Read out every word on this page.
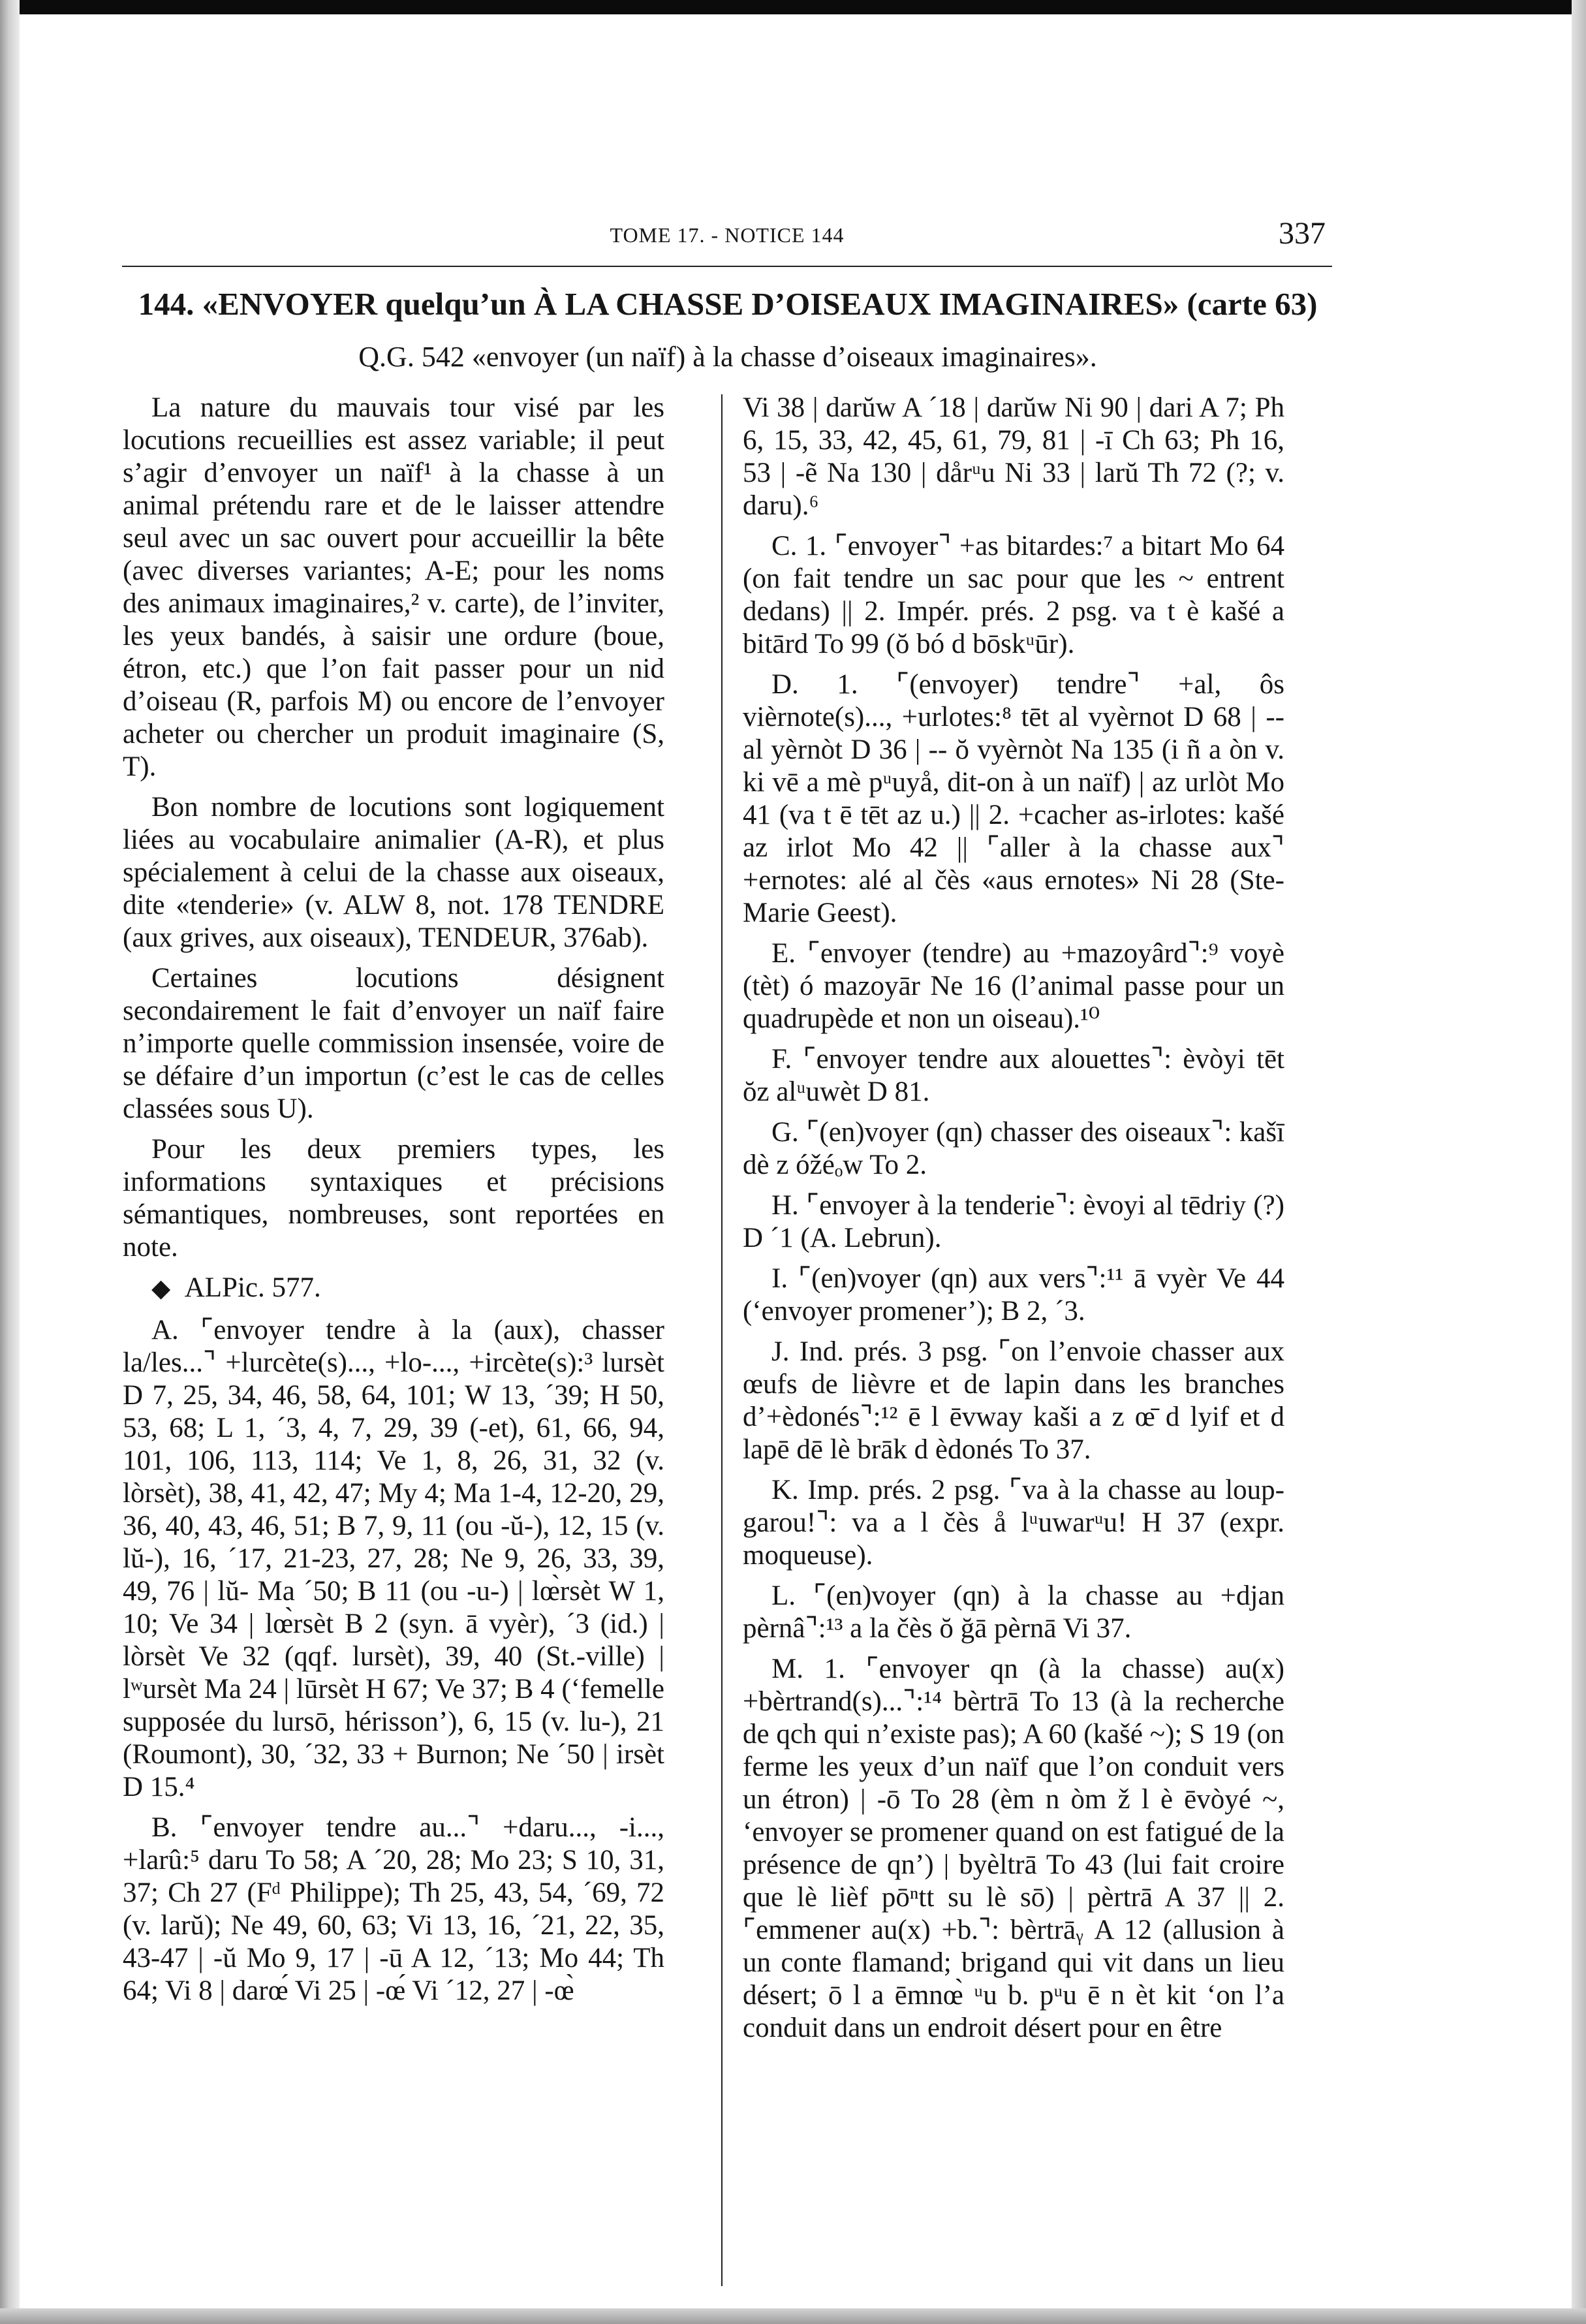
TOME 17. - NOTICE 144	337
144. «ENVOYER quelqu’un À LA CHASSE D’OISEAUX IMAGINAIRES» (carte 63)
Q.G. 542 «envoyer (un naïf) à la chasse d’oiseaux imaginaires».

La nature du mauvais tour visé par les locutions recueillies est assez variable; il peut s’agir d’envoyer un naïf¹ à la chasse à un animal prétendu rare et de le laisser attendre seul avec un sac ouvert pour accueillir la bête (avec diverses variantes; A-E; pour les noms des animaux imaginaires,² v. carte), de l’inviter, les yeux bandés, à saisir une ordure (boue, étron, etc.) que l’on fait passer pour un nid d’oiseau (R, parfois M) ou encore de l’envoyer acheter ou chercher un produit imaginaire (S, T).

Bon nombre de locutions sont logiquement liées au vocabulaire animalier (A-R), et plus spécialement à celui de la chasse aux oiseaux, dite «tenderie» (v. ALW 8, not. 178 TENDRE (aux grives, aux oiseaux), TENDEUR, 376ab).

Certaines locutions désignent secondairement le fait d’envoyer un naïf faire n’importe quelle commission insensée, voire de se défaire d’un importun (c’est le cas de celles classées sous U).

Pour les deux premiers types, les informations syntaxiques et précisions sémantiques, nombreuses, sont reportées en note.

◆ ALPic. 577.

A. ⌜envoyer tendre à la (aux), chasser la/les...⌝ +lurcète(s)..., +lo-..., +ircète(s):³ lursèt D 7, 25, 34, 46, 58, 64, 101; W 13, ´39; H 50, 53, 68; L 1, ´3, 4, 7, 29, 39 (-et), 61, 66, 94, 101, 106, 113, 114; Ve 1, 8, 26, 31, 32 (v. lòrsèt), 38, 41, 42, 47; My 4; Ma 1-4, 12-20, 29, 36, 40, 43, 46, 51; B 7, 9, 11 (ou -ŭ-), 12, 15 (v. lŭ-), 16, ´17, 21-23, 27, 28; Ne 9, 26, 33, 39, 49, 76 | lŭ- Ma ´50; B 11 (ou -u-) | lœ̀rsèt W 1, 10; Ve 34 | lœ̀rsèt B 2 (syn. ā vyèr), ´3 (id.) | lòrsèt Ve 32 (qqf. lursèt), 39, 40 (St.-ville) | lʷursèt Ma 24 | lūrsèt H 67; Ve 37; B 4 (‘femelle supposée du lursō, hérisson’), 6, 15 (v. lu-), 21 (Roumont), 30, ´32, 33 + Burnon; Ne ´50 | irsèt D 15.⁴

B. ⌜envoyer tendre au...⌝ +daru..., -i..., +larû:⁵ daru To 58; A ´20, 28; Mo 23; S 10, 31, 37; Ch 27 (Fᵈ Philippe); Th 25, 43, 54, ´69, 72 (v. larŭ); Ne 49, 60, 63; Vi 13, 16, ´21, 22, 35, 43-47 | -ŭ Mo 9, 17 | -ū A 12, ´13; Mo 44; Th 64; Vi 8 | darœ́ Vi 25 | -œ́ Vi ´12, 27 | -œ̀

Vi 38 | darŭw A ´18 | darŭw Ni 90 | dari A 7; Ph 6, 15, 33, 42, 45, 61, 79, 81 | -ī Ch 63; Ph 16, 53 | -ẽ Na 130 | dårᵘu Ni 33 | larŭ Th 72 (?; v. daru).⁶

C. 1. ⌜envoyer⌝ +as bitardes:⁷ a bitart Mo 64 (on fait tendre un sac pour que les ~ entrent dedans) || 2. Impér. prés. 2 psg. va t è kašé a bitārd To 99 (ŏ bó d bōskᵘūr).

D. 1. ⌜(envoyer) tendre⌝ +al, ôs vièrnote(s)..., +urlotes:⁸ tēt al vyèrnot D 68 | -- al yèrnòt D 36 | -- ŏ vyèrnòt Na 135 (i ñ a òn v. ki vē a mè pᵘuyå, dit-on à un naïf) | az urlòt Mo 41 (va t ē tēt az u.) || 2. +cacher as-irlotes: kašé az irlot Mo 42 || ⌜aller à la chasse aux⌝ +ernotes: alé al čès «aus ernotes» Ni 28 (Ste-Marie Geest).

E. ⌜envoyer (tendre) au +mazoyârd⌝:⁹ voyè (tèt) ó mazoyār Ne 16 (l’animal passe pour un quadrupède et non un oiseau).¹⁰

F. ⌜envoyer tendre aux alouettes⌝: èvòyi tēt ŏz alᵘuwèt D 81.

G. ⌜(en)voyer (qn) chasser des oiseaux⌝: kašī dè z óžéₒw To 2.

H. ⌜envoyer à la tenderie⌝: èvoyi al tēdriy (?) D ´1 (A. Lebrun).

I. ⌜(en)voyer (qn) aux vers⌝:¹¹ ā vyèr Ve 44 (‘envoyer promener’); B 2, ´3.

J. Ind. prés. 3 psg. ⌜on l’envoie chasser aux œufs de lièvre et de lapin dans les branches d’+èdonés⌝:¹² ē l ēvway kaši a z œ̄ d lyif et d lapē dē lè brāk d èdonés To 37.

K. Imp. prés. 2 psg. ⌜va à la chasse au loup-garou!⌝: va a l čès å lᵘuwarᵘu! H 37 (expr. moqueuse).

L. ⌜(en)voyer (qn) à la chasse au +djan pèrnâ⌝:¹³ a la čès ŏ ğā pèrnā Vi 37.

M. 1. ⌜envoyer qn (à la chasse) au(x) +bèrtrand(s)...⌝:¹⁴ bèrtrā To 13 (à la recherche de qch qui n’existe pas); A 60 (kašé ~); S 19 (on ferme les yeux d’un naïf que l’on conduit vers un étron) | -ō To 28 (èm n òm ž l è ēvòyé ~, ‘envoyer se promener quand on est fatigué de la présence de qn’) | byèltrā To 43 (lui fait croire que lè lièf pōⁿtt su lè sō) | pèrtrā A 37 || 2. ⌜emmener au(x) +b.⌝: bèrtrāᵧ A 12 (allusion à un conte flamand; brigand qui vit dans un lieu désert; ō l a ēmnœ̀ ᵘu b. pᵘu ē n èt kit ‘on l’a conduit dans un endroit désert pour en être
